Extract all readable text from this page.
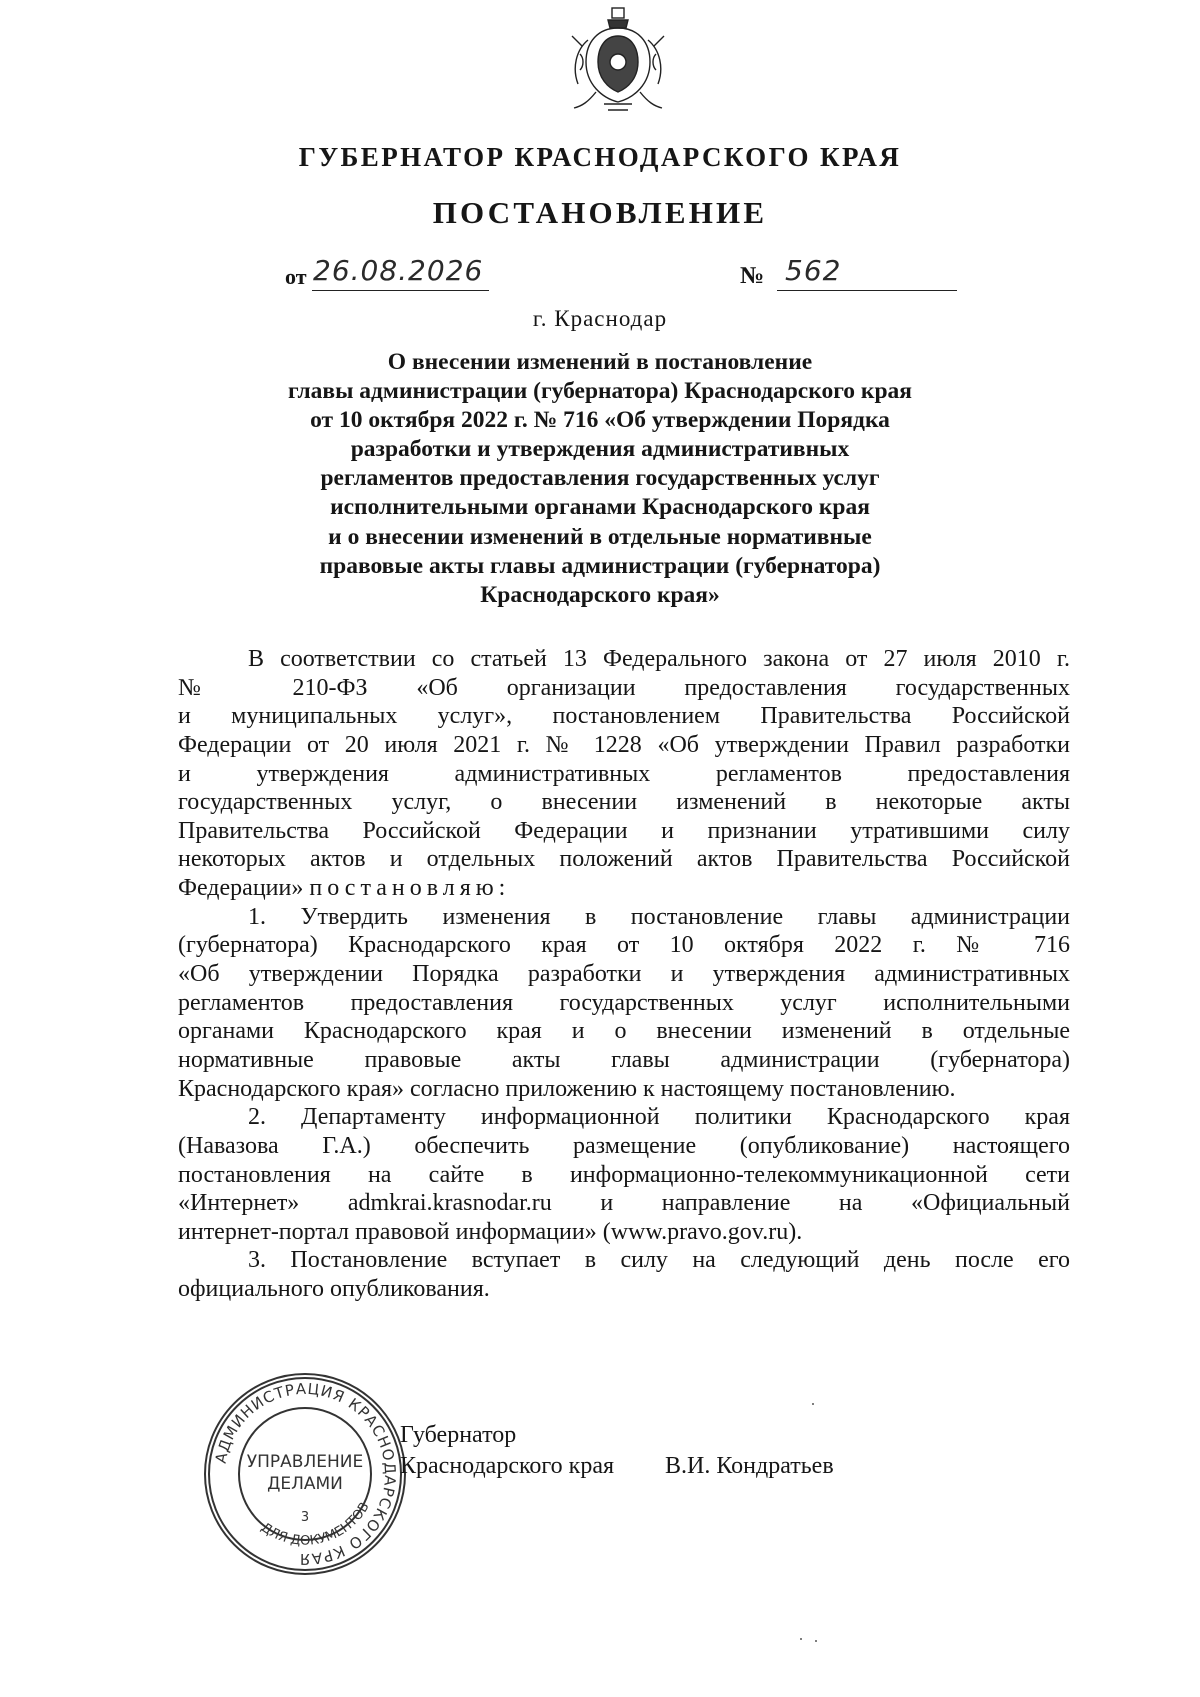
ГУБЕРНАТОР КРАСНОДАРСКОГО КРАЯ
ПОСТАНОВЛЕНИЕ
от 26.08.2026	№ 562
г. Краснодар
О внесении изменений в постановление
главы администрации (губернатора) Краснодарского края
от 10 октября 2022 г. № 716 «Об утверждении Порядка
разработки и утверждения административных
регламентов предоставления государственных услуг
исполнительными органами Краснодарского края
и о внесении изменений в отдельные нормативные
правовые акты главы администрации (губернатора)
Краснодарского края»
В соответствии со статьей 13 Федерального закона от 27 июля 2010 г.
№ 210-ФЗ «Об организации предоставления государственных
и муниципальных услуг», постановлением Правительства Российской
Федерации от 20 июля 2021 г. № 1228 «Об утверждении Правил разработки
и утверждения административных регламентов предоставления
государственных услуг, о внесении изменений в некоторые акты
Правительства Российской Федерации и признании утратившими силу
некоторых актов и отдельных положений актов Правительства Российской
Федерации» постановляю:
1. Утвердить изменения в постановление главы администрации
(губернатора) Краснодарского края от 10 октября 2022 г. № 716
«Об утверждении Порядка разработки и утверждения административных
регламентов предоставления государственных услуг исполнительными
органами Краснодарского края и о внесении изменений в отдельные
нормативные правовые акты главы администрации (губернатора)
Краснодарского края» согласно приложению к настоящему постановлению.
2. Департаменту информационной политики Краснодарского края
(Навазова Г.А.) обеспечить размещение (опубликование) настоящего
постановления на сайте в информационно-телекоммуникационной сети
«Интернет» admkrai.krasnodar.ru и направление на «Официальный
интернет-портал правовой информации» (www.pravo.gov.ru).
3. Постановление вступает в силу на следующий день после его
официального опубликования.
АДМИНИСТРАЦИЯ КРАСНОДАРСКОГО КРАЯ
ДЛЯ ДОКУМЕНТОВ
УПРАВЛЕНИЕ
ДЕЛАМИ
3
Губернатор
Краснодарского края В.И. Кондратьев
